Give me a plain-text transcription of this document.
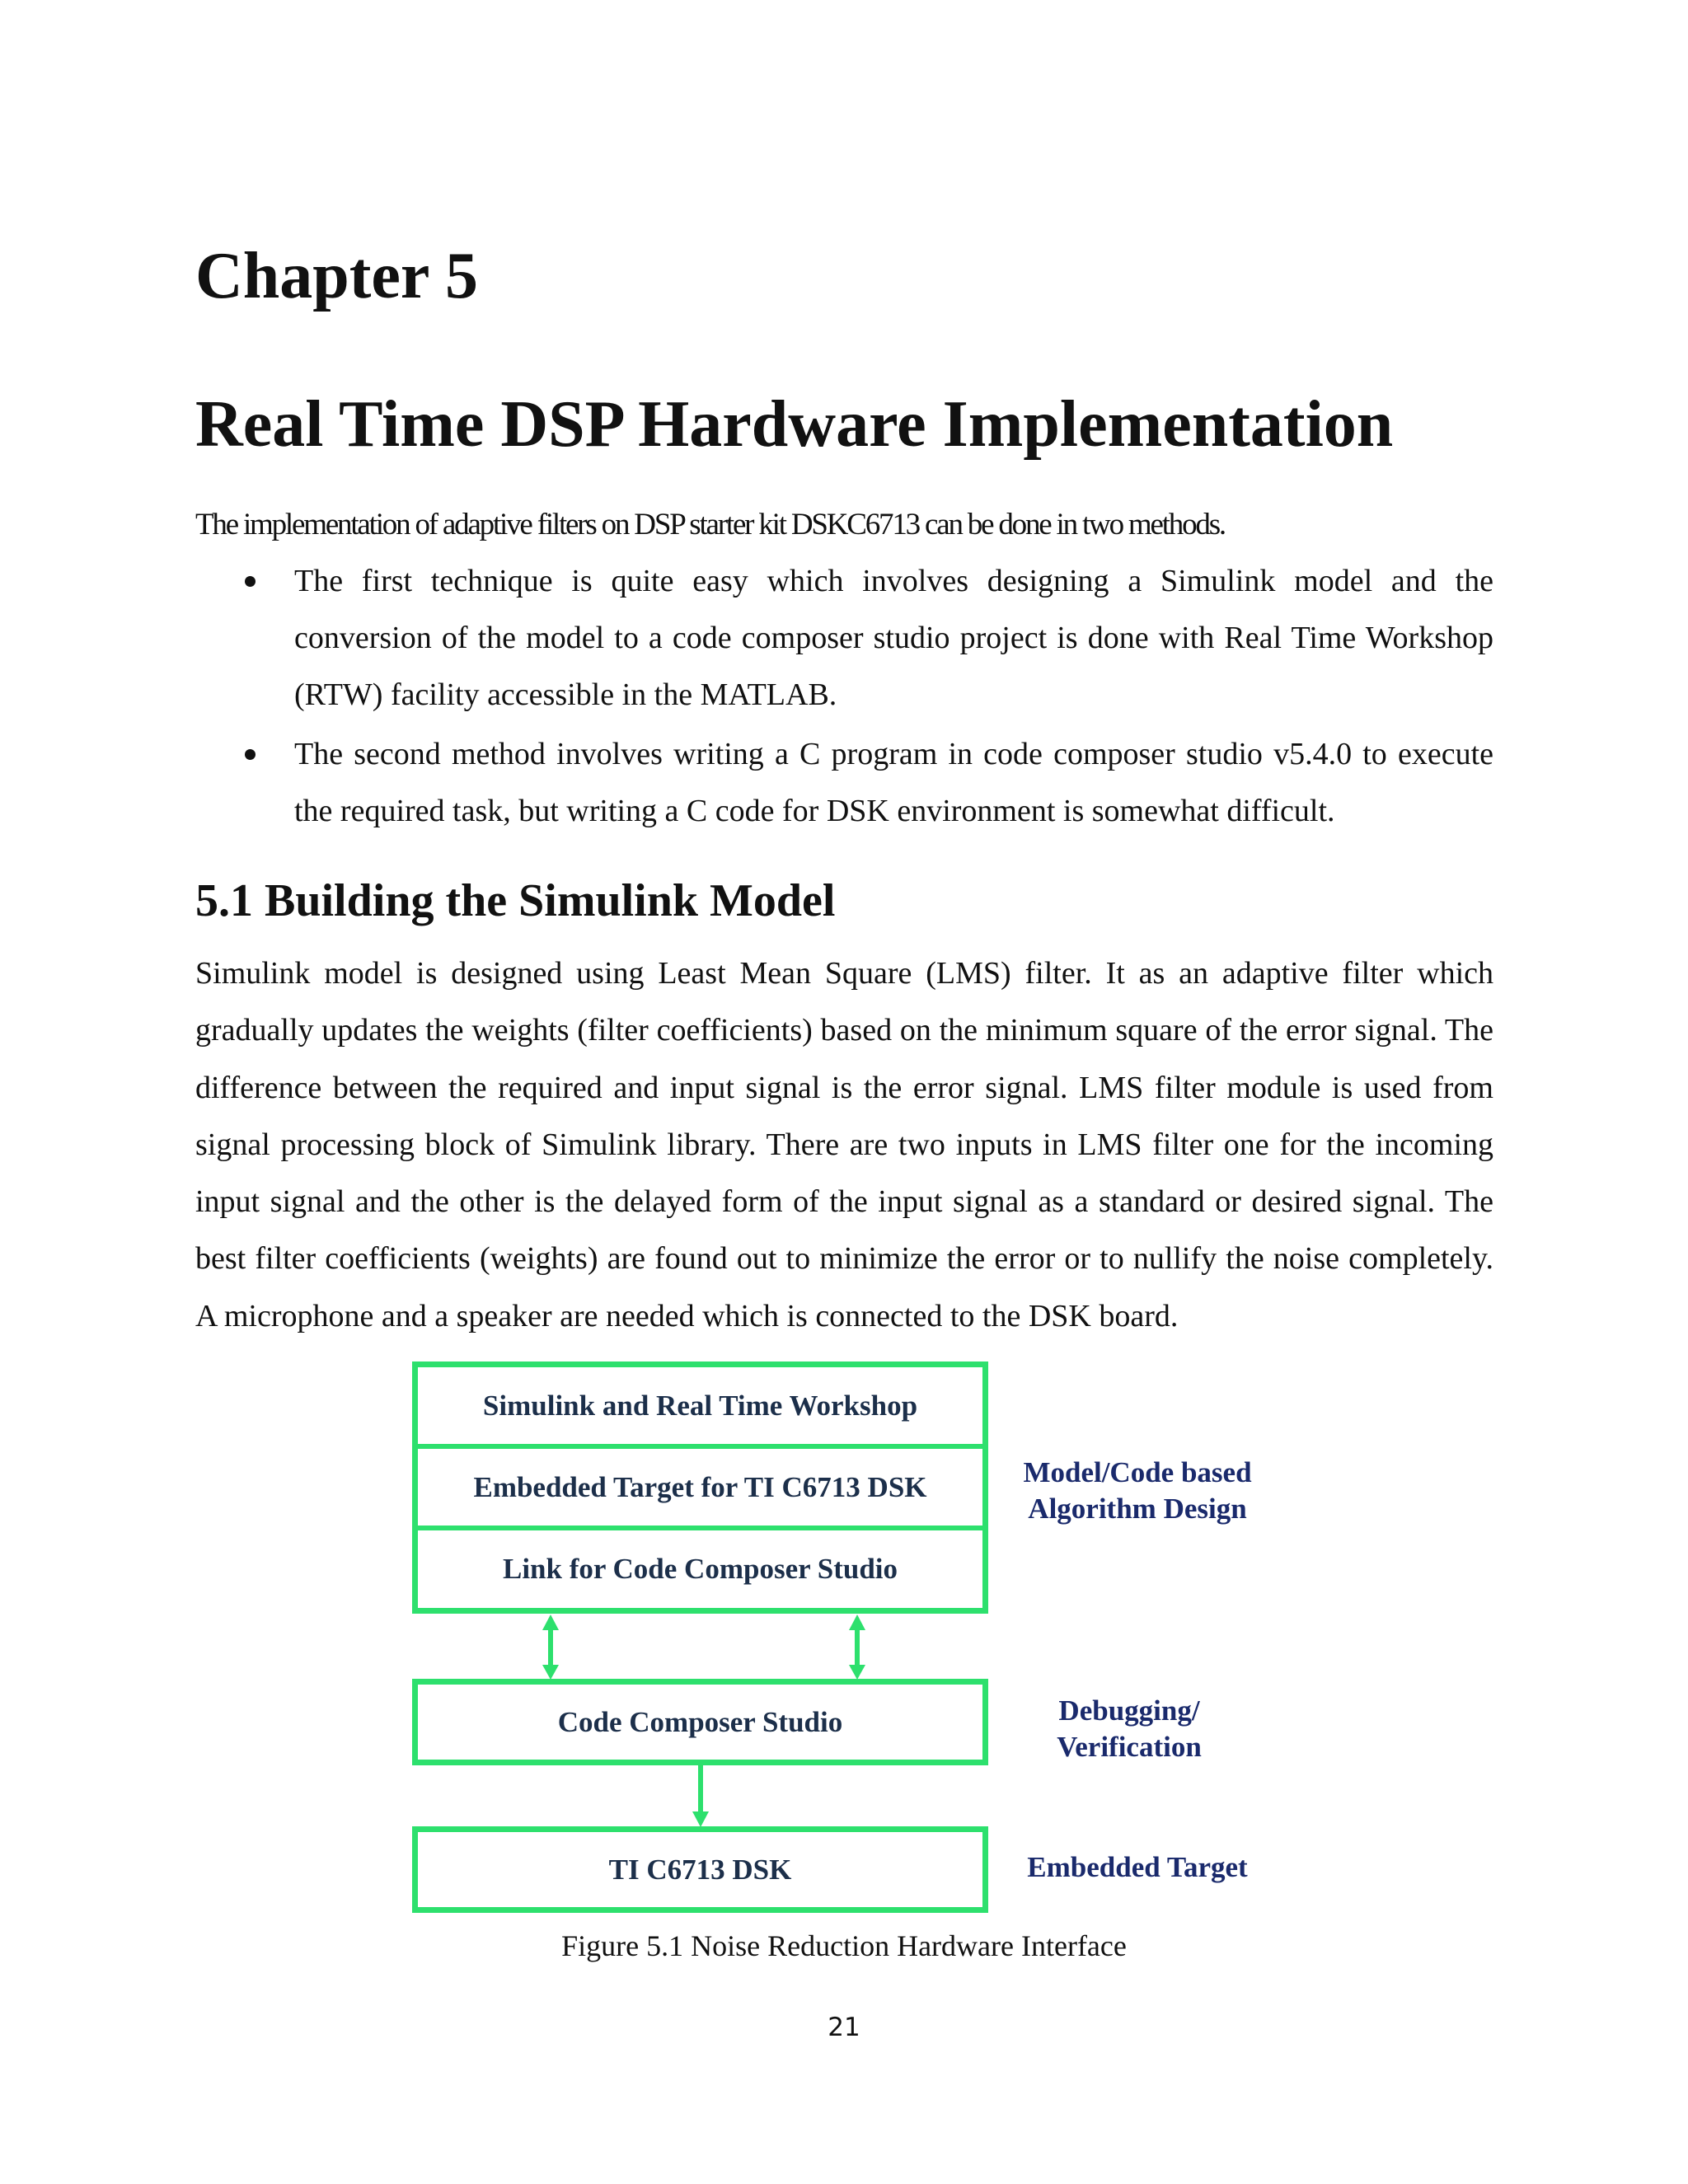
Chapter 5
Real Time DSP Hardware Implementation
The implementation of adaptive filters on DSP starter kit DSKC6713 can be done in two methods.
The first technique is quite easy which involves designing a Simulink model and the conversion of the model to a code composer studio project is done with Real Time Workshop (RTW) facility accessible in the MATLAB.
The second method involves writing a C program in code composer studio v5.4.0 to execute the required task, but writing a C code for DSK environment is somewhat difficult.
5.1 Building the Simulink Model

Simulink model is designed using Least Mean Square (LMS) filter. It as an adaptive filter which gradually updates the weights (filter coefficients) based on the minimum square of the error signal. The difference between the required and input signal is the error signal. LMS filter module is used from signal processing block of Simulink library. There are two inputs in LMS filter one for the incoming input signal and the other is the delayed form of the input signal as a standard or desired signal. The best filter coefficients (weights) are found out to minimize the error or to nullify the noise completely. A microphone and a speaker are needed which is connected to the DSK board.

Simulink and Real Time Workshop
Embedded Target for TI C6713 DSK
Link for Code Composer Studio
Code Composer Studio
TI C6713 DSK
Model/Code based
Algorithm Design
Debugging/
Verification
Embedded Target
Figure 5.1 Noise Reduction Hardware Interface
21
